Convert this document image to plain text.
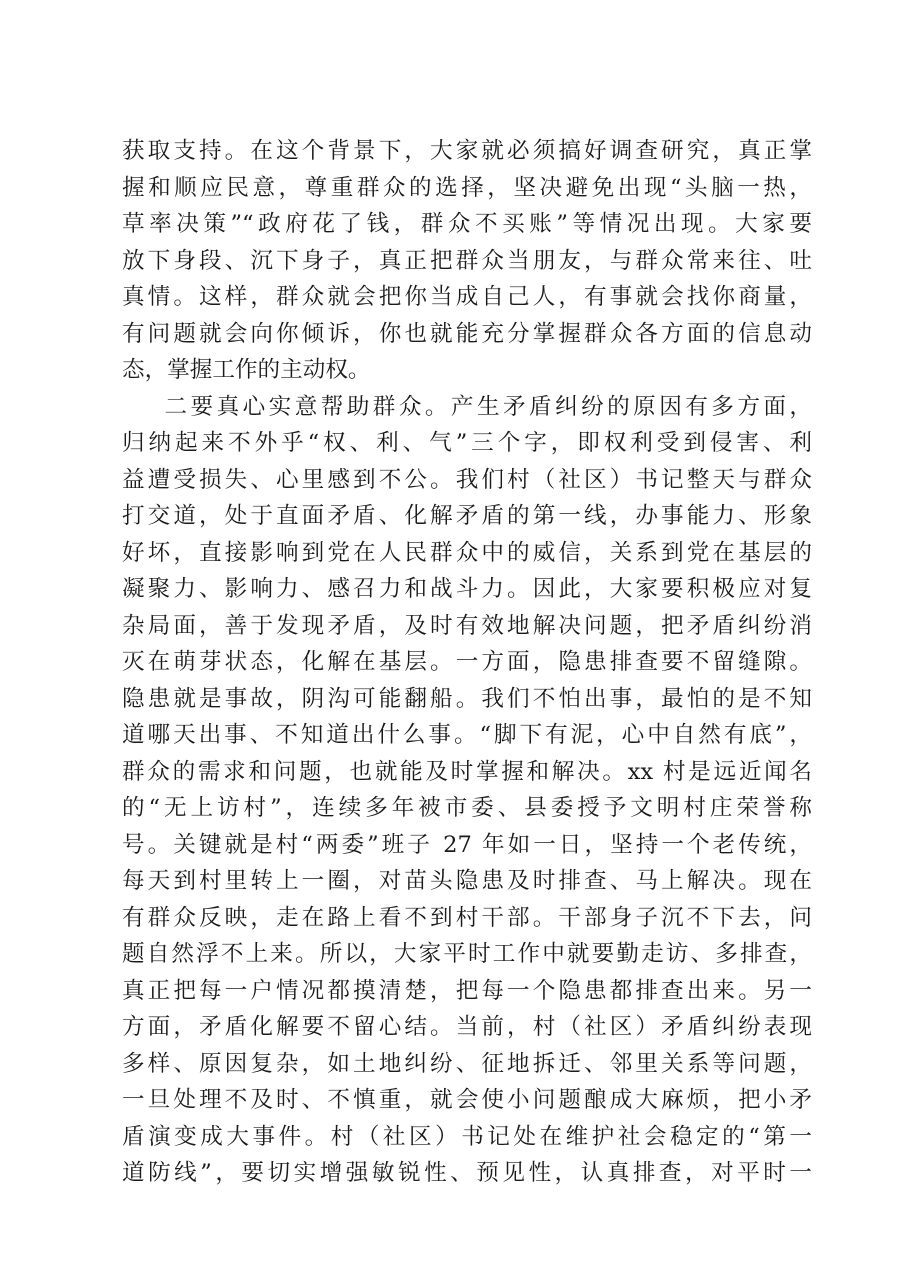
获取支持。在这个背景下，大家就必须搞好调查研究，真正掌
握和顺应民意，尊重群众的选择，坚决避免出现“头脑一热，
草率决策”“政府花了钱，群众不买账”等情况出现。大家要
放下身段、沉下身子，真正把群众当朋友，与群众常来往、吐
真情。这样，群众就会把你当成自己人，有事就会找你商量，
有问题就会向你倾诉，你也就能充分掌握群众各方面的信息动
态，掌握工作的主动权。
二要真心实意帮助群众。产生矛盾纠纷的原因有多方面，
归纳起来不外乎“权、利、气”三个字，即权利受到侵害、利
益遭受损失、心里感到不公。我们村（社区）书记整天与群众
打交道，处于直面矛盾、化解矛盾的第一线，办事能力、形象
好坏，直接影响到党在人民群众中的威信，关系到党在基层的
凝聚力、影响力、感召力和战斗力。因此，大家要积极应对复
杂局面，善于发现矛盾，及时有效地解决问题，把矛盾纠纷消
灭在萌芽状态，化解在基层。一方面，隐患排查要不留缝隙。
隐患就是事故，阴沟可能翻船。我们不怕出事，最怕的是不知
道哪天出事、不知道出什么事。“脚下有泥，心中自然有底”，
群众的需求和问题，也就能及时掌握和解决。xx 村是远近闻名
的“无上访村”，连续多年被市委、县委授予文明村庄荣誉称
号。关键就是村“两委”班子 27 年如一日，坚持一个老传统，
每天到村里转上一圈，对苗头隐患及时排查、马上解决。现在
有群众反映，走在路上看不到村干部。干部身子沉不下去，问
题自然浮不上来。所以，大家平时工作中就要勤走访、多排查，
真正把每一户情况都摸清楚，把每一个隐患都排查出来。另一
方面，矛盾化解要不留心结。当前，村（社区）矛盾纠纷表现
多样、原因复杂，如土地纠纷、征地拆迁、邻里关系等问题，
一旦处理不及时、不慎重，就会使小问题酿成大麻烦，把小矛
盾演变成大事件。村（社区）书记处在维护社会稳定的“第一
道防线”，要切实增强敏锐性、预见性，认真排查，对平时一
